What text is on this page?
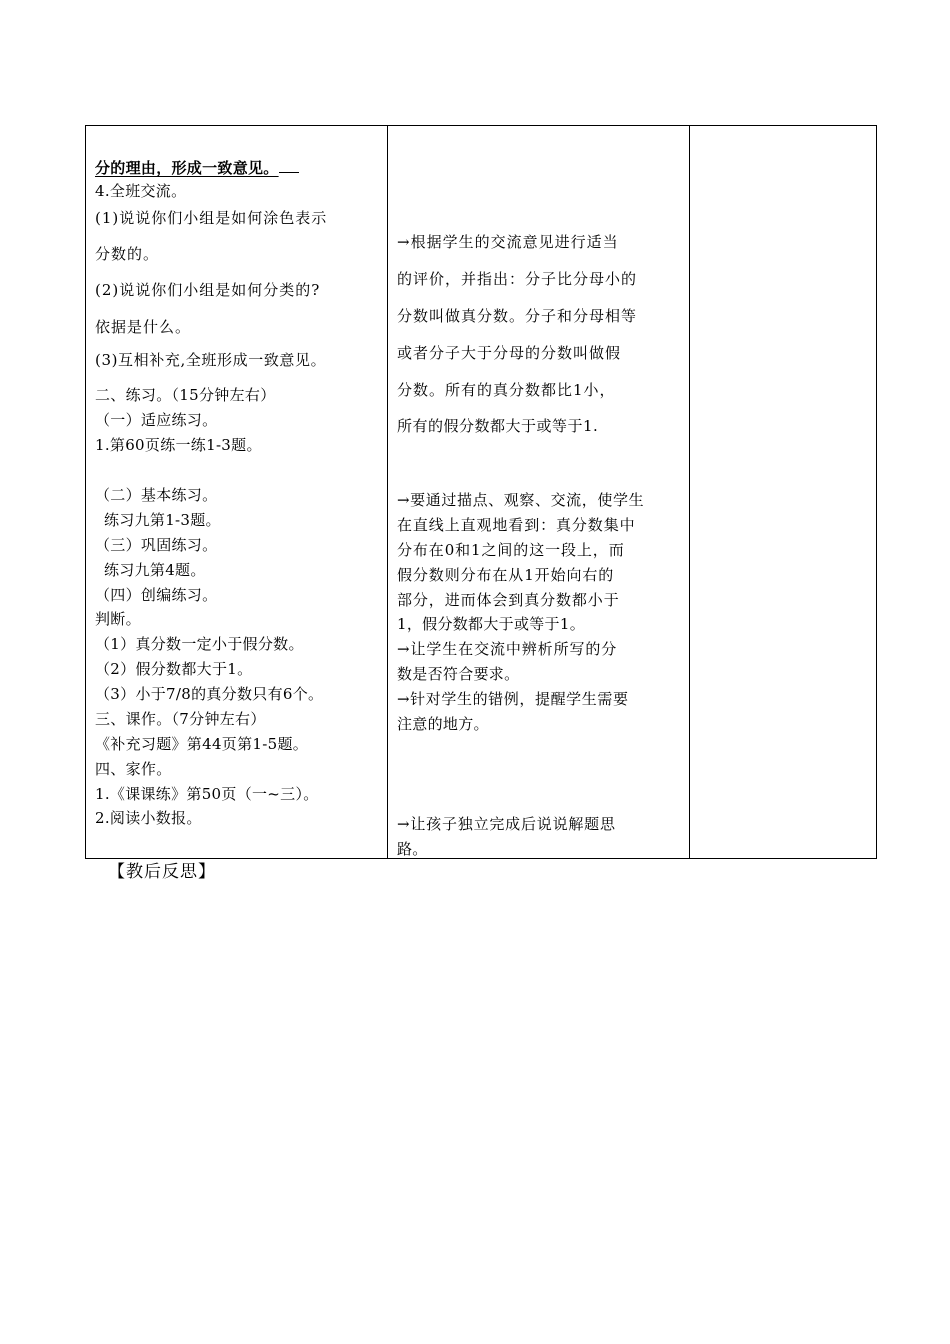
分的理由，形成一致意见。
4.全班交流。
(1)说说你们小组是如何涂色表示
分数的。
(2)说说你们小组是如何分类的?
依据是什么。
(3)互相补充,全班形成一致意见。
二、练习。（15分钟左右）
（一）适应练习。
1.第60页练一练1-3题。
（二）基本练习。
练习九第1-3题。
（三）巩固练习。
练习九第4题。
（四）创编练习。
判断。
（1）真分数一定小于假分数。
（2）假分数都大于1。
（3）小于7/8的真分数只有6个。
三、课作。（7分钟左右）
《补充习题》第44页第1-5题。
四、家作。
1.《课课练》第50页（一~三）。
2.阅读小数报。

→根据学生的交流意见进行适当
的评价，并指出：分子比分母小的
分数叫做真分数。分子和分母相等
或者分子大于分母的分数叫做假
分数。所有的真分数都比1小，
所有的假分数都大于或等于1.
→要通过描点、观察、交流，使学生
在直线上直观地看到：真分数集中
分布在0和1之间的这一段上，而
假分数则分布在从1开始向右的
部分，进而体会到真分数都小于
1，假分数都大于或等于1。
→让学生在交流中辨析所写的分
数是否符合要求。
→针对学生的错例，提醒学生需要
注意的地方。
→让孩子独立完成后说说解题思
路。

【教后反思】
